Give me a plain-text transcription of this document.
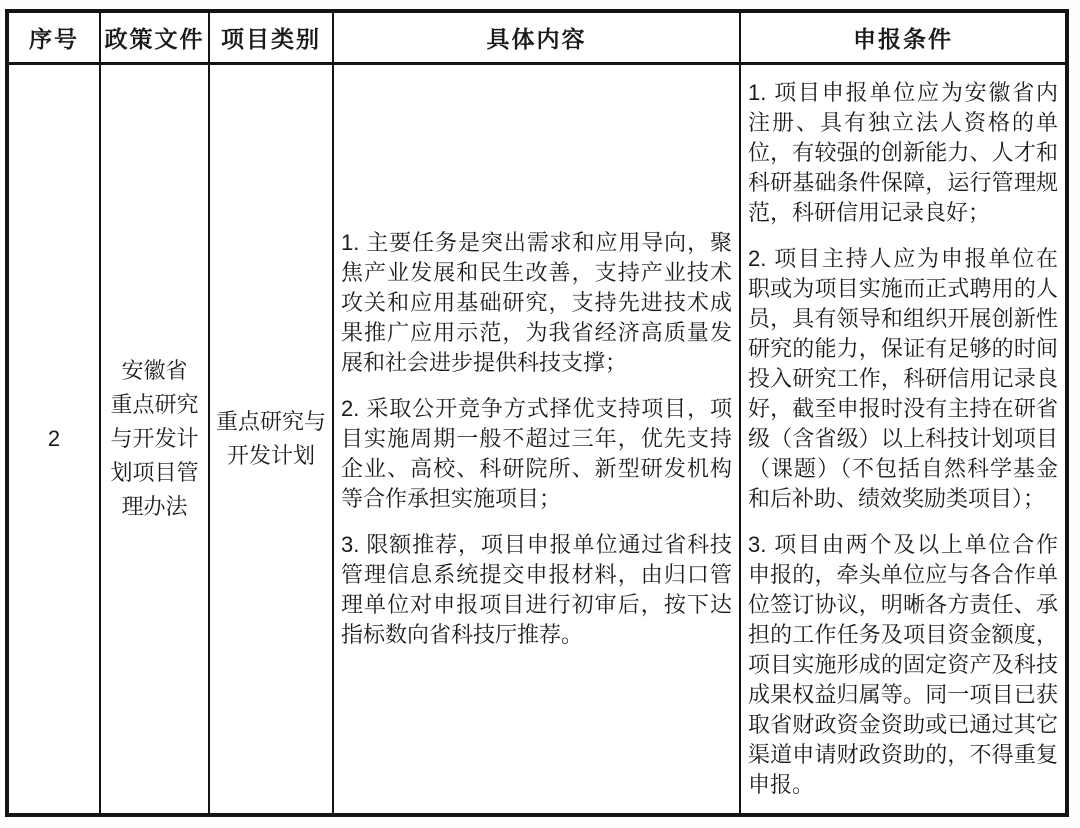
序号 政策文件 项目类别	具体内容	申报条件
2
安徽省
重点研究
与开发计
划项目管
理办法
重点研究与
开发计划

1. 主要任务是突出需求和应用导向，聚焦产业发展和民生改善，支持产业技术攻关和应用基础研究，支持先进技术成果推广应用示范，为我省经济高质量发展和社会进步提供科技支撑；

2. 采取公开竞争方式择优支持项目，项目实施周期一般不超过三年，优先支持企业、高校、科研院所、新型研发机构等合作承担实施项目；

3. 限额推荐，项目申报单位通过省科技管理信息系统提交申报材料，由归口管理单位对申报项目进行初审后，按下达指标数向省科技厅推荐。

1. 项目申报单位应为安徽省内注册、具有独立法人资格的单位，有较强的创新能力、人才和科研基础条件保障，运行管理规范，科研信用记录良好；

2. 项目主持人应为申报单位在职或为项目实施而正式聘用的人员，具有领导和组织开展创新性研究的能力，保证有足够的时间投入研究工作，科研信用记录良好，截至申报时没有主持在研省级（含省级）以上科技计划项目（课题）（不包括自然科学基金和后补助、绩效奖励类项目）；

3. 项目由两个及以上单位合作申报的，牵头单位应与各合作单位签订协议，明晰各方责任、承担的工作任务及项目资金额度，项目实施形成的固定资产及科技成果权益归属等。同一项目已获取省财政资金资助或已通过其它渠道申请财政资助的，不得重复申报。
